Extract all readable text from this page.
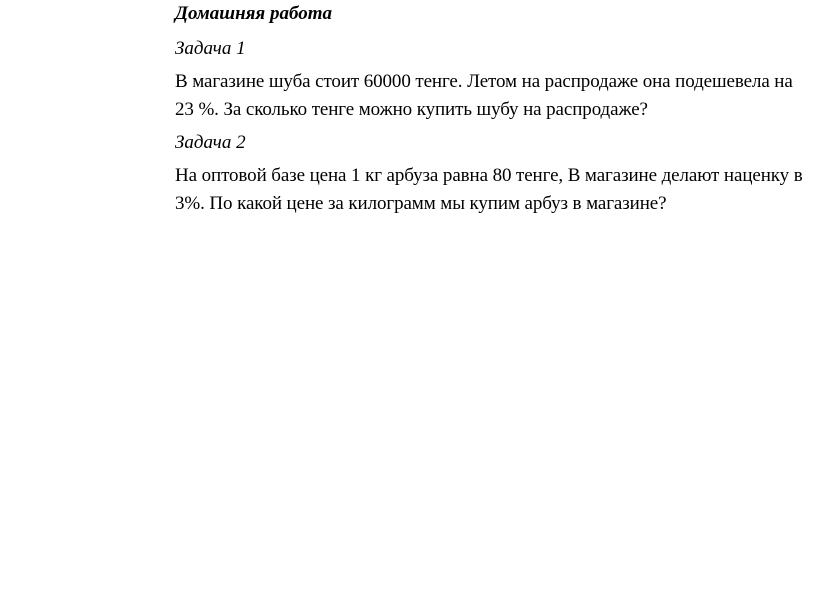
Домашняя работа

Задача 1

В магазине шуба стоит 60000 тенге. Летом на распродаже она подешевела на 23 %. За сколько тенге можно купить шубу на распродаже?

Задача 2

На оптовой базе цена 1 кг арбуза равна 80 тенге, В магазине делают наценку в 3%. По какой цене за килограмм мы купим арбуз в магазине?
